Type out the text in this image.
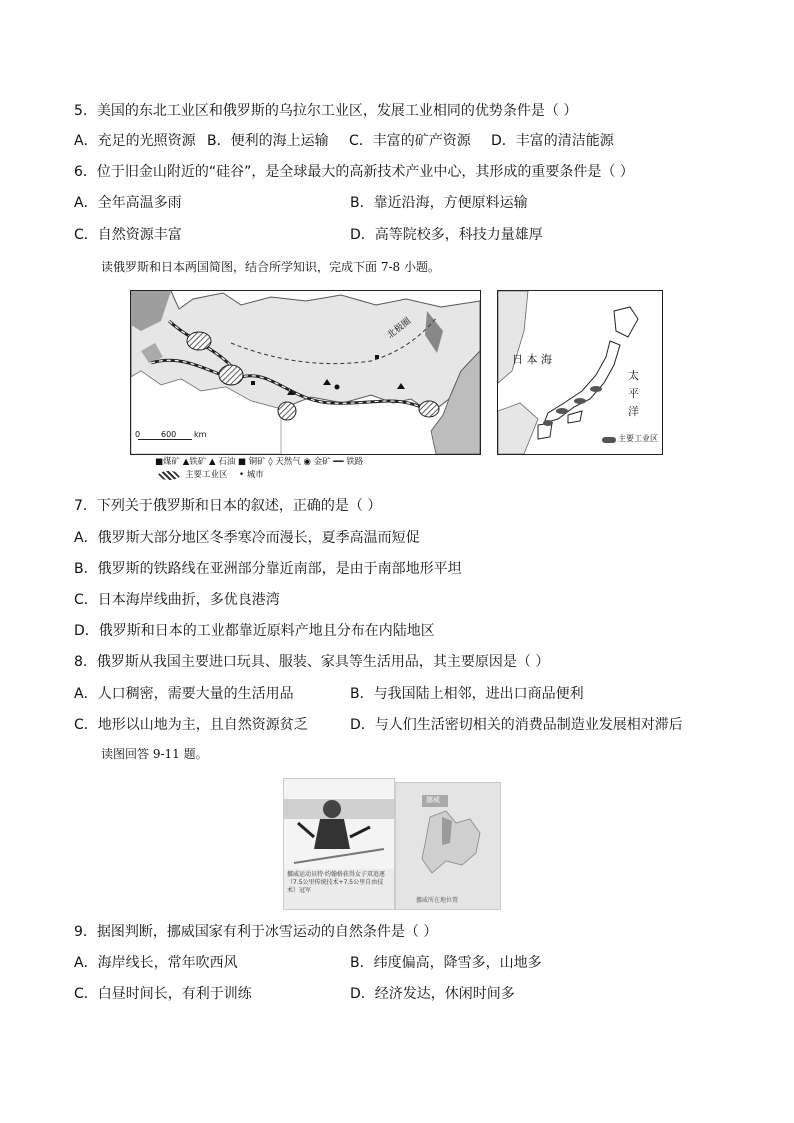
5．美国的东北工业区和俄罗斯的乌拉尔工业区，发展工业相同的优势条件是（ ）
A．充足的光照资源 B．便利的海上运输 C．丰富的矿产资源 D．丰富的清洁能源
6．位于旧金山附近的“硅谷”，是全球最大的高新技术产业中心，其形成的重要条件是（ ）
A．全年高温多雨	B．靠近沿海，方便原料运输
C．自然资源丰富	D．高等院校多，科技力量雄厚
读俄罗斯和日本两国简图，结合所学知识，完成下面 7-8 小题。
北极圈
0	600 km
■煤矿 ▲铁矿 ▲ 石油 ■ 铜矿 ◊ 天然气 ◉ 金矿 ━━ 铁路
主要工业区 • 城市
日 本 海
太
平
洋
主要工业区
7．下列关于俄罗斯和日本的叙述，正确的是（ ）
A．俄罗斯大部分地区冬季寒冷而漫长，夏季高温而短促
B．俄罗斯的铁路线在亚洲部分靠近南部，是由于南部地形平坦
C．日本海岸线曲折，多优良港湾
D．俄罗斯和日本的工业都靠近原料产地且分布在内陆地区
8．俄罗斯从我国主要进口玩具、服装、家具等生活用品，其主要原因是（ ）
A．人口稠密，需要大量的生活用品	B．与我国陆上相邻，进出口商品便利
C．地形以山地为主，且自然资源贫乏	D．与人们生活密切相关的消费品制造业发展相对滞后
读图回答 9-11 题。
挪威运动员特·约翰格获得女子双追逐（7.5公里传统技术+7.5公里自由技术）冠军
挪威
挪威所在地位置
9．据图判断，挪威国家有利于冰雪运动的自然条件是（ ）
A．海岸线长，常年吹西风	B．纬度偏高，降雪多，山地多
C．白昼时间长，有利于训练	D．经济发达，休闲时间多
